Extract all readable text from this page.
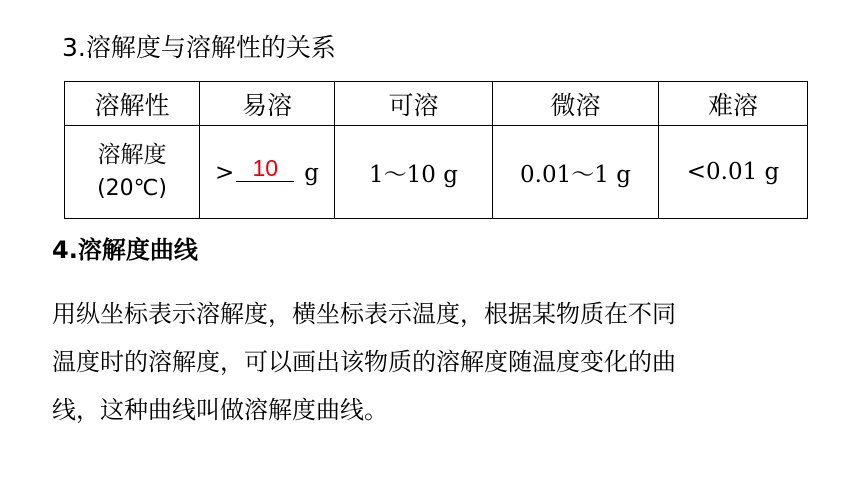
3.溶解度与溶解性的关系
溶解性	易溶	可溶	微溶	难溶

溶解度
(20℃)	> 10 g	1～10 g	0.01～1 g	<0.01 g
4.溶解度曲线

用纵坐标表示溶解度，横坐标表示温度，根据某物质在不同
温度时的溶解度，可以画出该物质的溶解度随温度变化的曲
线，这种曲线叫做溶解度曲线。
